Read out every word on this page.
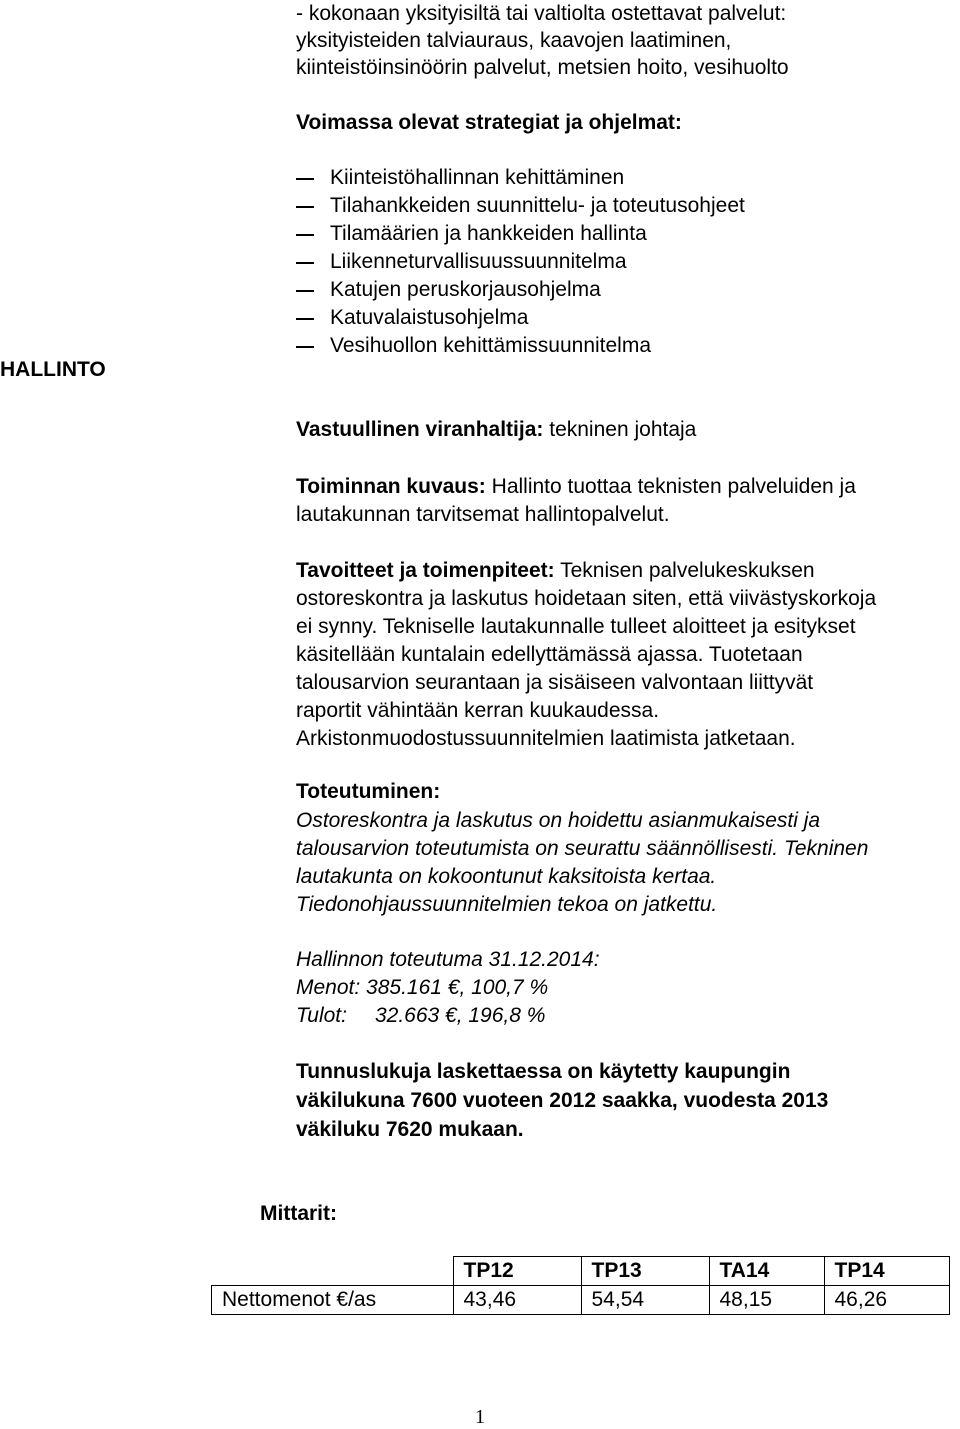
- kokonaan yksityisiltä tai valtiolta ostettavat palvelut:
yksityisteiden talviauraus, kaavojen laatiminen,
kiinteistöinsinöörin palvelut, metsien hoito, vesihuolto
Voimassa olevat strategiat ja ohjelmat:
Kiinteistöhallinnan kehittäminen
Tilahankkeiden suunnittelu- ja toteutusohjeet
Tilamäärien ja hankkeiden hallinta
Liikenneturvallisuussuunnitelma
Katujen peruskorjausohjelma
Katuvalaistusohjelma
Vesihuollon kehittämissuunnitelma
HALLINTO
Vastuullinen viranhaltija: tekninen johtaja
Toiminnan kuvaus: Hallinto tuottaa teknisten palveluiden ja
lautakunnan tarvitsemat hallintopalvelut.
Tavoitteet ja toimenpiteet: Teknisen palvelukeskuksen
ostoreskontra ja laskutus hoidetaan siten, että viivästyskorkoja
ei synny. Tekniselle lautakunnalle tulleet aloitteet ja esitykset
käsitellään kuntalain edellyttämässä ajassa. Tuotetaan
talousarvion seurantaan ja sisäiseen valvontaan liittyvät
raportit vähintään kerran kuukaudessa.
Arkistonmuodostussuunnitelmien laatimista jatketaan.
Toteutuminen:
Ostoreskontra ja laskutus on hoidettu asianmukaisesti ja
talousarvion toteutumista on seurattu säännöllisesti. Tekninen
lautakunta on kokoontunut kaksitoista kertaa.
Tiedonohjaussuunnitelmien tekoa on jatkettu.
Hallinnon toteutuma 31.12.2014:
Menot: 385.161 €, 100,7 %
Tulot: 32.663 €, 196,8 %
Tunnuslukuja laskettaessa on käytetty kaupungin
väkilukuna 7600 vuoteen 2012 saakka, vuodesta 2013
väkiluku 7620 mukaan.
Mittarit:
	TP12	TP13	TA14	TP14
Nettomenot €/as	43,46	54,54	48,15	46,26
1
